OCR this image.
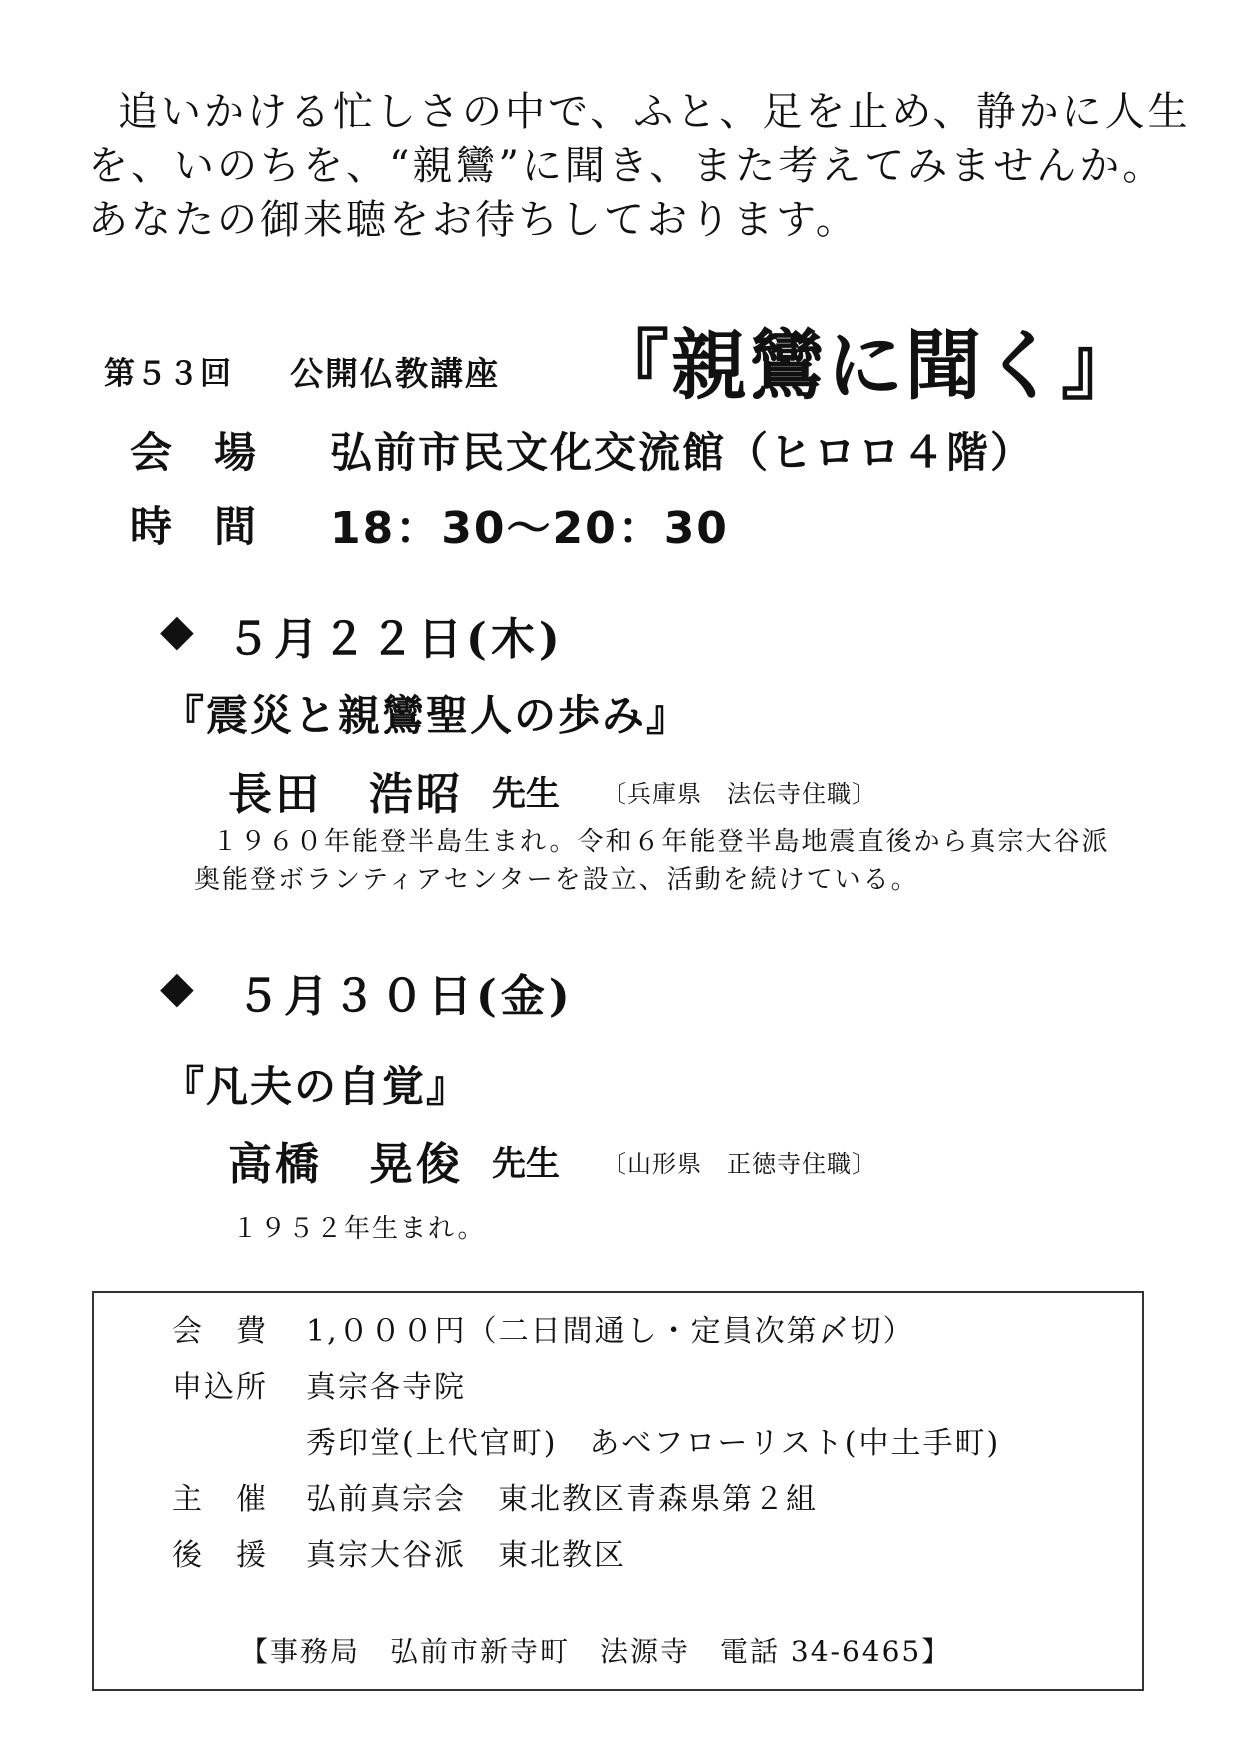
追いかける忙しさの中で、ふと、足を止め、静かに人生
を、いのちを、“親鸞”に聞き、また考えてみませんか。
あなたの御来聴をお待ちしております。
第５３回 公開仏教講座 『親鸞に聞く』
会　場 弘前市民文化交流館（ヒロロ４階）
時　間 18：30～20：30
◆ ５月２２日(木)
『震災と親鸞聖人の歩み』
長田　浩昭 先生 〔兵庫県　法伝寺住職〕
１９６０年能登半島生まれ。令和６年能登半島地震直後から真宗大谷派
奥能登ボランティアセンターを設立、活動を続けている。
◆ ５月３０日(金)
『凡夫の自覚』
高橋　晃俊 先生 〔山形県　正徳寺住職〕
１９５２年生まれ。
会　費 1,０００円（二日間通し・定員次第〆切）
申込所 真宗各寺院
秀印堂(上代官町)　あべフローリスト(中土手町)
主　催 弘前真宗会　東北教区青森県第２組
後　援 真宗大谷派　東北教区
【事務局　弘前市新寺町　法源寺　電話 34-6465】
